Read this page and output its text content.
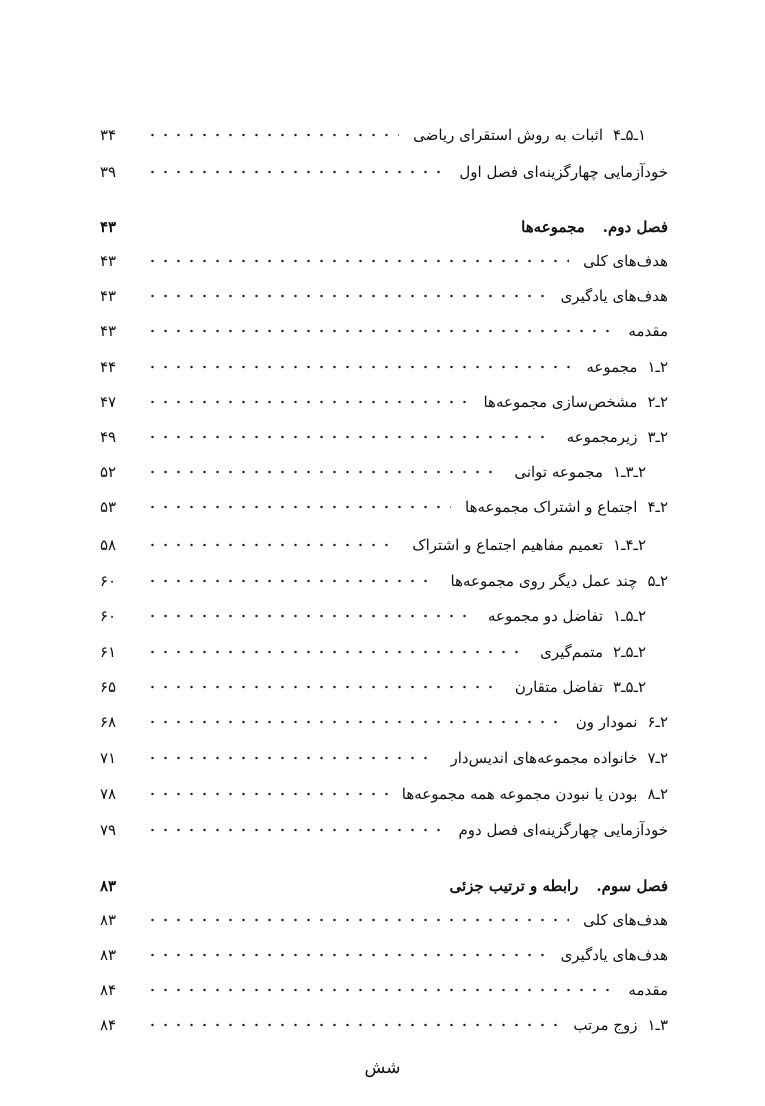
۱ـ۵ـ۴
اثبات به روش استقرای ریاضی
۳۴
خودآزمایی چهارگزینه‌ای فصل اول
۳۹
فصل دوم.
مجموعه‌ها
۴۳
هدف‌های کلی
۴۳
هدف‌های یادگیری
۴۳
مقدمه
۴۳
۲ـ۱
مجموعه
۴۴
۲ـ۲
مشخص‌سازی مجموعه‌ها
۴۷
۲ـ۳
زیرمجموعه
۴۹
۲ـ۳ـ۱
مجموعه توانی
۵۲
۲ـ۴
اجتماع و اشتراک مجموعه‌ها
۵۳
۲ـ۴ـ۱
تعمیم مفاهیم اجتماع و اشتراک
۵۸
۲ـ۵
چند عمل دیگر روی مجموعه‌ها
۶۰
۲ـ۵ـ۱
تفاضل دو مجموعه
۶۰
۲ـ۵ـ۲
متمم‌گیری
۶۱
۲ـ۵ـ۳
تفاضل متقارن
۶۵
۲ـ۶
نمودار ون
۶۸
۲ـ۷
خانواده مجموعه‌های اندیس‌دار
۷۱
۲ـ۸
بودن یا نبودن مجموعه همه مجموعه‌ها
۷۸
خودآزمایی چهارگزینه‌ای فصل دوم
۷۹
فصل سوم.
رابطه و ترتیب جزئی
۸۳
هدف‌های کلی
۸۳
هدف‌های یادگیری
۸۳
مقدمه
۸۴
۳ـ۱
زوج مرتب
۸۴
شش
